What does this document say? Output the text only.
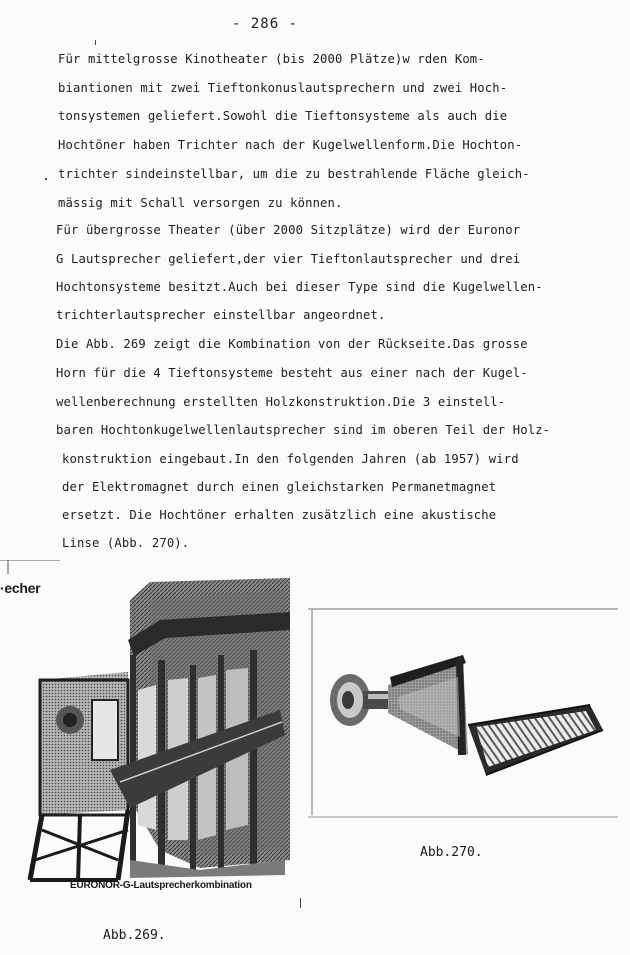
- 286 -
Für mittelgrosse Kinotheater (bis 2000 Plätze)w rden Kom-
biantionen mit zwei Tieftonkonuslautsprechern und zwei Hoch-
tonsystemen geliefert.Sowohl die Tieftonsysteme als auch die
Hochtöner haben Trichter nach der Kugelwellenform.Die Hochton-
trichter sindeinstellbar, um die zu bestrahlende Fläche gleich-
mässig mit Schall versorgen zu können.
Für übergrosse Theater (über 2000 Sitzplätze) wird der Euronor
G Lautsprecher geliefert,der vier Tieftonlautsprecher und drei
Hochtonsysteme besitzt.Auch bei dieser Type sind die Kugelwellen-
trichterlautsprecher einstellbar angeordnet.
Die Abb. 269 zeigt die Kombination von der Rückseite.Das grosse
Horn für die 4 Tieftonsysteme besteht aus einer nach der Kugel-
wellenberechnung erstellten Holzkonstruktion.Die 3 einstell-
baren Hochtonkugelwellenlautsprecher sind im oberen Teil der Holz-
konstruktion eingebaut.In den folgenden Jahren (ab 1957) wird
der Elektromagnet durch einen gleichstarken Permanetmagnet
ersetzt. Die Hochtöner erhalten zusätzlich eine akustische
Linse (Abb. 270).
·echer
EURONOR-G-Lautsprecherkombination
Abb.269.
Abb.270.
